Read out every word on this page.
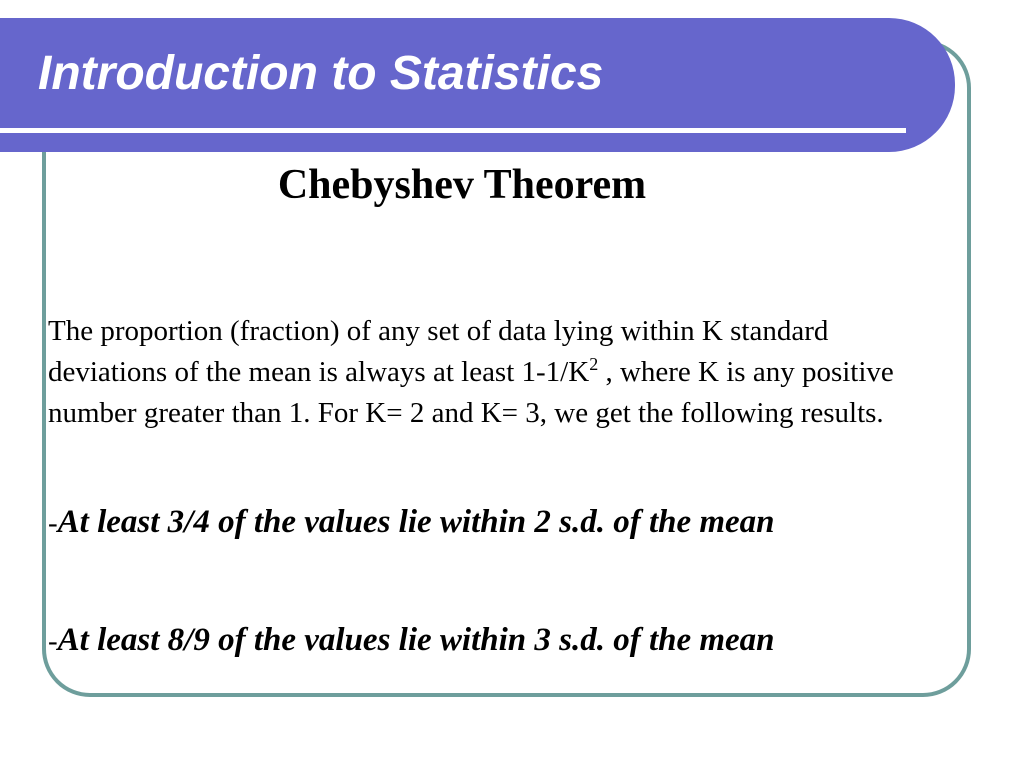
Introduction to Statistics
Chebyshev Theorem

The proportion (fraction) of any set of data lying within K standard deviations of the mean is always at least $1-1/K^2$ , where K is any positive number greater than 1. For K= 2 and K= 3, we get the following results.

-At least 3/4 of the values lie within 2 s.d. of the mean

-At least 8/9 of the values lie within 3 s.d. of the mean
